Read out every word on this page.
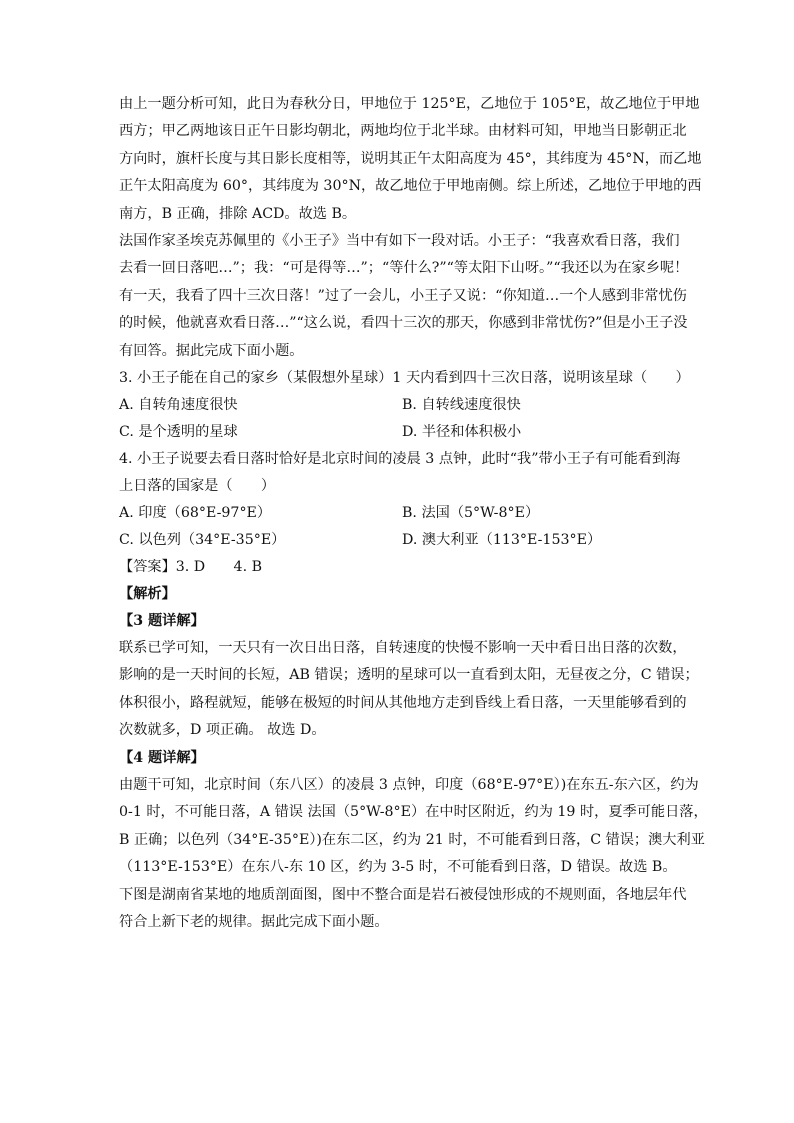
由上一题分析可知，此日为春秋分日，甲地位于 125°E，乙地位于 105°E，故乙地位于甲地
西方；甲乙两地该日正午日影均朝北，两地均位于北半球。由材料可知，甲地当日影朝正北
方向时，旗杆长度与其日影长度相等，说明其正午太阳高度为 45°，其纬度为 45°N，而乙地
正午太阳高度为 60°，其纬度为 30°N，故乙地位于甲地南侧。综上所述，乙地位于甲地的西
南方，B 正确，排除 ACD。故选 B。
法国作家圣埃克苏佩里的《小王子》当中有如下一段对话。小王子：“我喜欢看日落，我们
去看一回日落吧…”；我：“可是得等…”；“等什么?”“等太阳下山呀。”“我还以为在家乡呢！
有一天，我看了四十三次日落！”过了一会儿，小王子又说：“你知道…一个人感到非常忧伤
的时候，他就喜欢看日落…”“这么说，看四十三次的那天，你感到非常忧伤?”但是小王子没
有回答。据此完成下面小题。
3. 小王子能在自己的家乡（某假想外星球）1 天内看到四十三次日落，说明该星球（　　）
A. 自转角速度很快	B. 自转线速度很快
C. 是个透明的星球	D. 半径和体积极小
4. 小王子说要去看日落时恰好是北京时间的凌晨 3 点钟，此时“我”带小王子有可能看到海
上日落的国家是（　　）
A. 印度（68°E-97°E）	B. 法国（5°W-8°E）
C. 以色列（34°E-35°E）	D. 澳大利亚（113°E-153°E）
【答案】3. D　　4. B
【解析】
【3 题详解】
联系已学可知，一天只有一次日出日落，自转速度的快慢不影响一天中看日出日落的次数，
影响的是一天时间的长短，AB 错误；透明的星球可以一直看到太阳，无昼夜之分，C 错误；
体积很小，路程就短，能够在极短的时间从其他地方走到昏线上看日落，一天里能够看到的
次数就多，D 项正确。 故选 D。
【4 题详解】
由题干可知，北京时间（东八区）的凌晨 3 点钟，印度（68°E-97°E）)在东五-东六区，约为
0-1 时，不可能日落，A 错误 法国（5°W-8°E）在中时区附近，约为 19 时，夏季可能日落，
B 正确；以色列（34°E-35°E）)在东二区，约为 21 时，不可能看到日落，C 错误；澳大利亚
（113°E-153°E）在东八-东 10 区，约为 3-5 时，不可能看到日落，D 错误。故选 B。
下图是湖南省某地的地质剖面图，图中不整合面是岩石被侵蚀形成的不规则面，各地层年代
符合上新下老的规律。据此完成下面小题。
